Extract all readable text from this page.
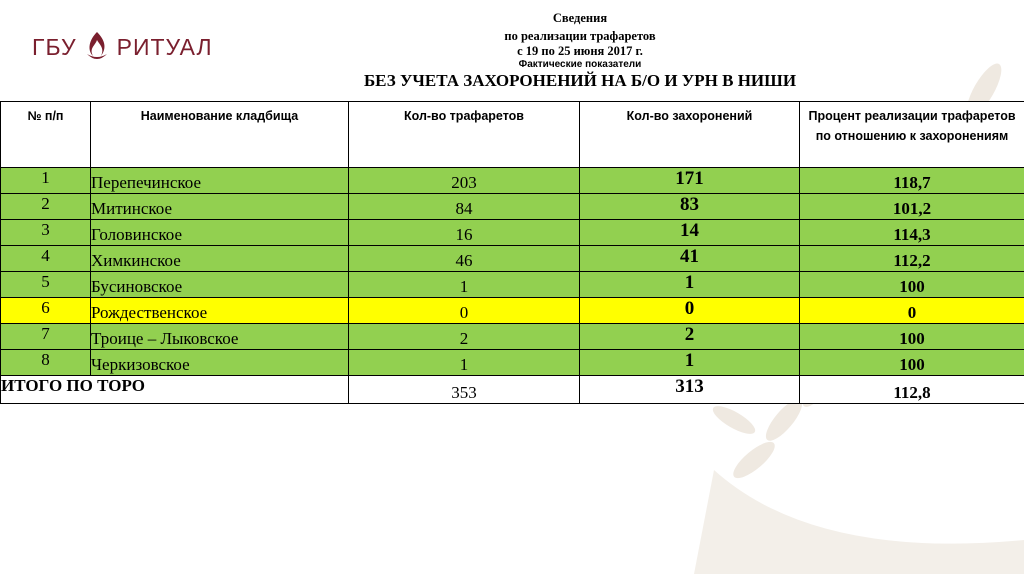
ГБУ РИТУАЛ
Сведения
по реализации трафаретов
с 19 по 25 июня 2017 г.
Фактические показатели
БЕЗ УЧЕТА ЗАХОРОНЕНИЙ НА Б/О И УРН В НИШИ
№ п/п	Наименование кладбища	Кол-во трафаретов	Кол-во захоронений	Процент реализации трафаретов по отношению к захоронениям
1	Перепечинское	203	171	118,7
2	Митинское	84	83	101,2
3	Головинское	16	14	114,3
4	Химкинское	46	41	112,2
5	Бусиновское	1	1	100
6	Рождественское	0	0	0
7	Троице – Лыковское	2	2	100
8	Черкизовское	1	1	100
ИТОГО ПО ТОРО		353	313	112,8
